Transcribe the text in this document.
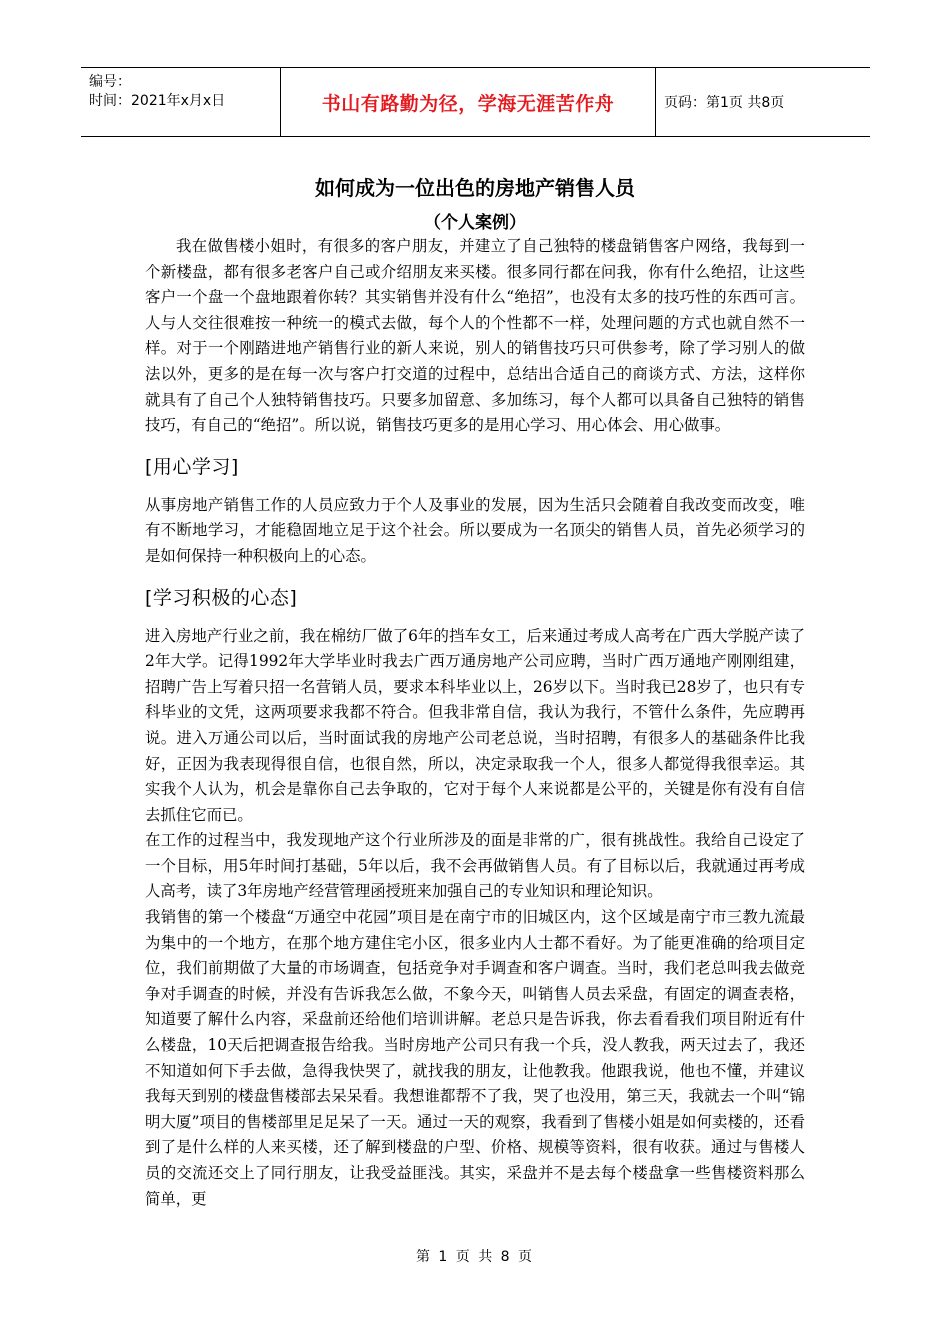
编号：
时间：2021年x月x日	书山有路勤为径，学海无涯苦作舟	页码：第1页 共8页
如何成为一位出色的房地产销售人员
（个人案例）

我在做售楼小姐时，有很多的客户朋友，并建立了自己独特的楼盘销售客户网络，我每到一个新楼盘，都有很多老客户自己或介绍朋友来买楼。很多同行都在问我，你有什么绝招，让这些客户一个盘一个盘地跟着你转？其实销售并没有什么“绝招”，也没有太多的技巧性的东西可言。人与人交往很难按一种统一的模式去做，每个人的个性都不一样，处理问题的方式也就自然不一样。对于一个刚踏进地产销售行业的新人来说，别人的销售技巧只可供参考，除了学习别人的做法以外，更多的是在每一次与客户打交道的过程中，总结出合适自己的商谈方式、方法，这样你就具有了自己个人独特销售技巧。只要多加留意、多加练习，每个人都可以具备自己独特的销售技巧，有自己的“绝招”。所以说，销售技巧更多的是用心学习、用心体会、用心做事。

[用心学习]

从事房地产销售工作的人员应致力于个人及事业的发展，因为生活只会随着自我改变而改变，唯有不断地学习，才能稳固地立足于这个社会。所以要成为一名顶尖的销售人员，首先必须学习的是如何保持一种积极向上的心态。

[学习积极的心态]

进入房地产行业之前，我在棉纺厂做了6年的挡车女工，后来通过考成人高考在广西大学脱产读了2年大学。记得1992年大学毕业时我去广西万通房地产公司应聘，当时广西万通地产刚刚组建，招聘广告上写着只招一名营销人员，要求本科毕业以上，26岁以下。当时我已28岁了，也只有专科毕业的文凭，这两项要求我都不符合。但我非常自信，我认为我行，不管什么条件，先应聘再说。进入万通公司以后，当时面试我的房地产公司老总说，当时招聘，有很多人的基础条件比我好，正因为我表现得很自信，也很自然，所以，决定录取我一个人，很多人都觉得我很幸运。其实我个人认为，机会是靠你自己去争取的，它对于每个人来说都是公平的，关键是你有没有自信去抓住它而已。

在工作的过程当中，我发现地产这个行业所涉及的面是非常的广，很有挑战性。我给自己设定了一个目标，用5年时间打基础，5年以后，我不会再做销售人员。有了目标以后，我就通过再考成人高考，读了3年房地产经营管理函授班来加强自己的专业知识和理论知识。

我销售的第一个楼盘“万通空中花园”项目是在南宁市的旧城区内，这个区域是南宁市三教九流最为集中的一个地方，在那个地方建住宅小区，很多业内人士都不看好。为了能更准确的给项目定位，我们前期做了大量的市场调查，包括竞争对手调查和客户调查。当时，我们老总叫我去做竞争对手调查的时候，并没有告诉我怎么做，不象今天，叫销售人员去采盘，有固定的调查表格，知道要了解什么内容，采盘前还给他们培训讲解。老总只是告诉我，你去看看我们项目附近有什么楼盘，10天后把调查报告给我。当时房地产公司只有我一个兵，没人教我，两天过去了，我还不知道如何下手去做，急得我快哭了，就找我的朋友，让他教我。他跟我说，他也不懂，并建议我每天到别的楼盘售楼部去呆呆看。我想谁都帮不了我，哭了也没用，第三天，我就去一个叫“锦明大厦”项目的售楼部里足足呆了一天。通过一天的观察，我看到了售楼小姐是如何卖楼的，还看到了是什么样的人来买楼，还了解到楼盘的户型、价格、规模等资料，很有收获。通过与售楼人员的交流还交上了同行朋友，让我受益匪浅。其实，采盘并不是去每个楼盘拿一些售楼资料那么简单，更

第 1 页 共 8 页
